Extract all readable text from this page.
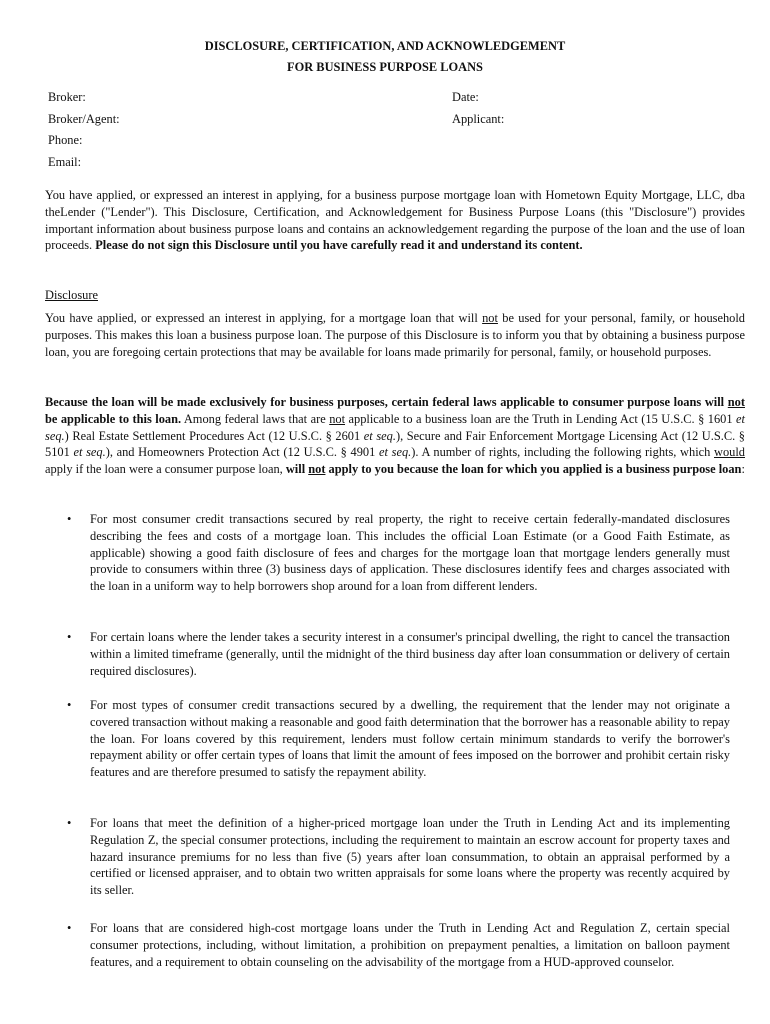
DISCLOSURE, CERTIFICATION, AND ACKNOWLEDGEMENT
FOR BUSINESS PURPOSE LOANS
Broker:
Broker/Agent:
Phone:
Email:
Date:
Applicant:
You have applied, or expressed an interest in applying, for a business purpose mortgage loan with Hometown Equity Mortgage, LLC, dba theLender ("Lender"). This Disclosure, Certification, and Acknowledgement for Business Purpose Loans (this "Disclosure") provides important information about business purpose loans and contains an acknowledgement regarding the purpose of the loan and the use of loan proceeds. Please do not sign this Disclosure until you have carefully read it and understand its content.
Disclosure
You have applied, or expressed an interest in applying, for a mortgage loan that will not be used for your personal, family, or household purposes. This makes this loan a business purpose loan. The purpose of this Disclosure is to inform you that by obtaining a business purpose loan, you are foregoing certain protections that may be available for loans made primarily for personal, family, or household purposes.
Because the loan will be made exclusively for business purposes, certain federal laws applicable to consumer purpose loans will not be applicable to this loan. Among federal laws that are not applicable to a business loan are the Truth in Lending Act (15 U.S.C. § 1601 et seq.) Real Estate Settlement Procedures Act (12 U.S.C. § 2601 et seq.), Secure and Fair Enforcement Mortgage Licensing Act (12 U.S.C. § 5101 et seq.), and Homeowners Protection Act (12 U.S.C. § 4901 et seq.). A number of rights, including the following rights, which would apply if the loan were a consumer purpose loan, will not apply to you because the loan for which you applied is a business purpose loan:
• For most consumer credit transactions secured by real property, the right to receive certain federally-mandated disclosures describing the fees and costs of a mortgage loan. This includes the official Loan Estimate (or a Good Faith Estimate, as applicable) showing a good faith disclosure of fees and charges for the mortgage loan that mortgage lenders generally must provide to consumers within three (3) business days of application. These disclosures identify fees and charges associated with the loan in a uniform way to help borrowers shop around for a loan from different lenders.
• For certain loans where the lender takes a security interest in a consumer's principal dwelling, the right to cancel the transaction within a limited timeframe (generally, until the midnight of the third business day after loan consummation or delivery of certain required disclosures).
• For most types of consumer credit transactions secured by a dwelling, the requirement that the lender may not originate a covered transaction without making a reasonable and good faith determination that the borrower has a reasonable ability to repay the loan. For loans covered by this requirement, lenders must follow certain minimum standards to verify the borrower's repayment ability or offer certain types of loans that limit the amount of fees imposed on the borrower and prohibit certain risky features and are therefore presumed to satisfy the repayment ability.
• For loans that meet the definition of a higher-priced mortgage loan under the Truth in Lending Act and its implementing Regulation Z, the special consumer protections, including the requirement to maintain an escrow account for property taxes and hazard insurance premiums for no less than five (5) years after loan consummation, to obtain an appraisal performed by a certified or licensed appraiser, and to obtain two written appraisals for some loans where the property was recently acquired by its seller.
• For loans that are considered high-cost mortgage loans under the Truth in Lending Act and Regulation Z, certain special consumer protections, including, without limitation, a prohibition on prepayment penalties, a limitation on balloon payment features, and a requirement to obtain counseling on the advisability of the mortgage from a HUD-approved counselor.
